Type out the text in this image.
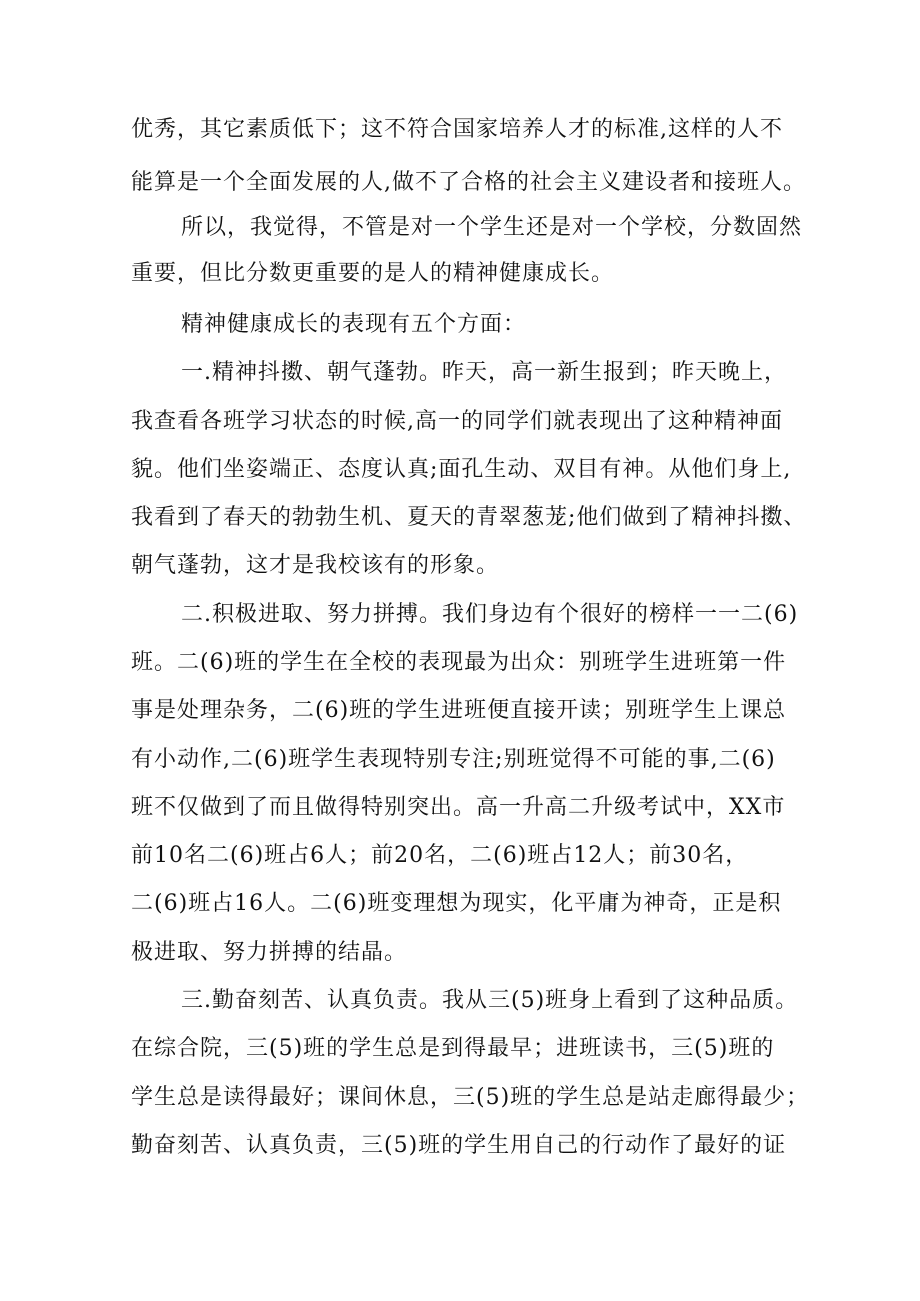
优秀，其它素质低下；这不符合国家培养人才的标准,这样的人不
能算是一个全面发展的人,做不了合格的社会主义建设者和接班人。
所以，我觉得，不管是对一个学生还是对一个学校，分数固然
重要，但比分数更重要的是人的精神健康成长。
精神健康成长的表现有五个方面：
一.精神抖擞、朝气蓬勃。昨天，高一新生报到；昨天晚上，
我查看各班学习状态的时候,高一的同学们就表现出了这种精神面
貌。他们坐姿端正、态度认真;面孔生动、双目有神。从他们身上,
我看到了春天的勃勃生机、夏天的青翠葱茏;他们做到了精神抖擞、
朝气蓬勃，这才是我校该有的形象。
二.积极进取、努力拼搏。我们身边有个很好的榜样一一二(6)
班。二(6)班的学生在全校的表现最为出众：别班学生进班第一件
事是处理杂务，二(6)班的学生进班便直接开读；别班学生上课总
有小动作,二(6)班学生表现特别专注;别班觉得不可能的事,二(6)
班不仅做到了而且做得特别突出。高一升高二升级考试中，XX市
前10名二(6)班占6人；前20名，二(6)班占12人；前30名，
二(6)班占16人。二(6)班变理想为现实，化平庸为神奇，正是积
极进取、努力拼搏的结晶。
三.勤奋刻苦、认真负责。我从三(5)班身上看到了这种品质。
在综合院，三(5)班的学生总是到得最早；进班读书，三(5)班的
学生总是读得最好；课间休息，三(5)班的学生总是站走廊得最少；
勤奋刻苦、认真负责，三(5)班的学生用自己的行动作了最好的证
